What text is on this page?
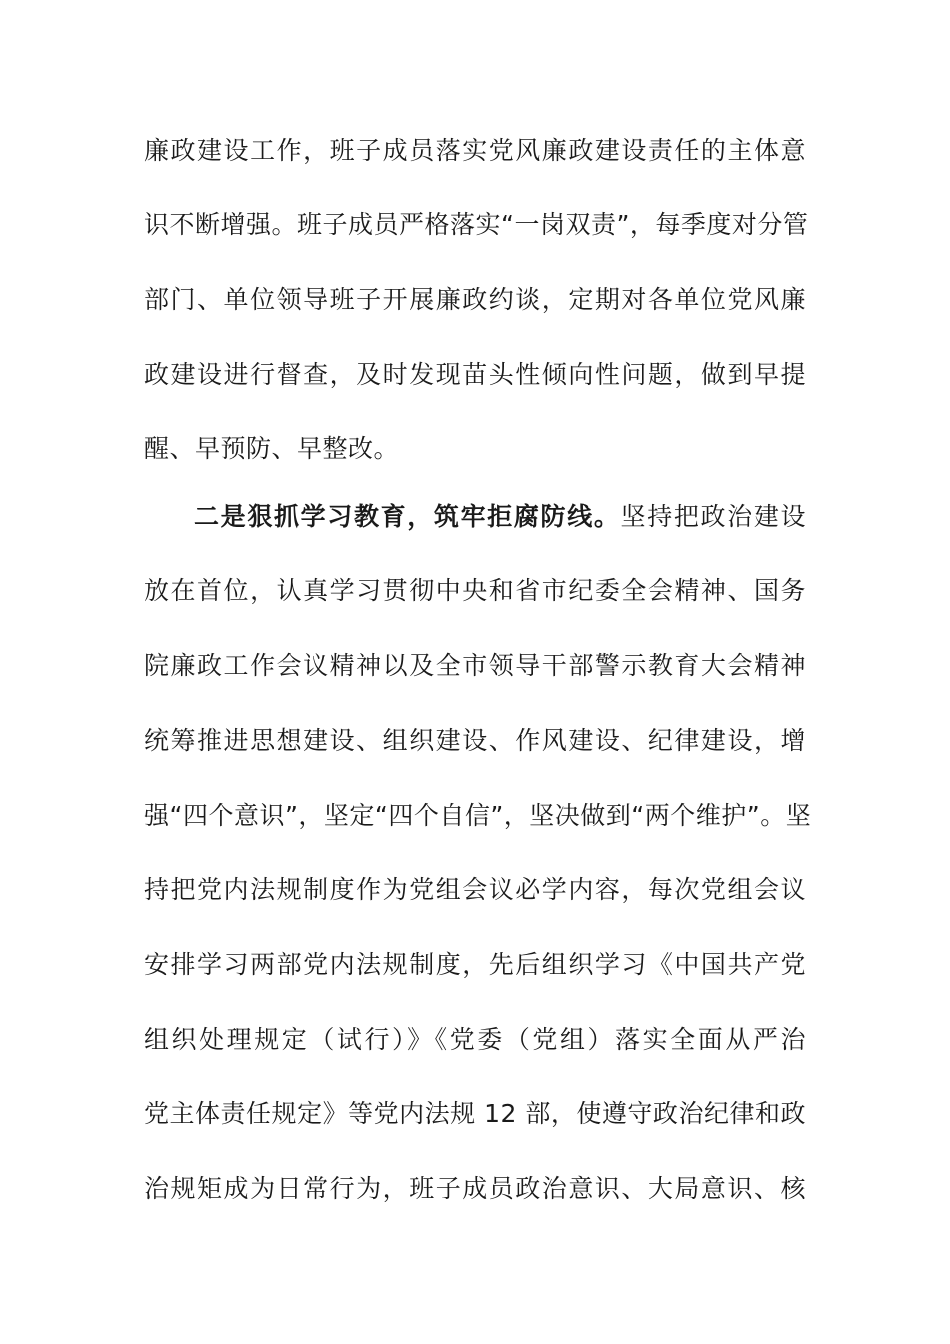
廉政建设工作，班子成员落实党风廉政建设责任的主体意
识不断增强。班子成员严格落实“一岗双责”，每季度对分管
部门、单位领导班子开展廉政约谈，定期对各单位党风廉
政建设进行督查，及时发现苗头性倾向性问题，做到早提
醒、早预防、早整改。
二是狠抓学习教育，筑牢拒腐防线。坚持把政治建设
放在首位，认真学习贯彻中央和省市纪委全会精神、国务
院廉政工作会议精神以及全市领导干部警示教育大会精神
统筹推进思想建设、组织建设、作风建设、纪律建设，增
强“四个意识”，坚定“四个自信”，坚决做到“两个维护”。坚
持把党内法规制度作为党组会议必学内容，每次党组会议
安排学习两部党内法规制度，先后组织学习《中国共产党
组织处理规定（试行）》《党委（党组）落实全面从严治
党主体责任规定》等党内法规 12 部，使遵守政治纪律和政
治规矩成为日常行为，班子成员政治意识、大局意识、核
